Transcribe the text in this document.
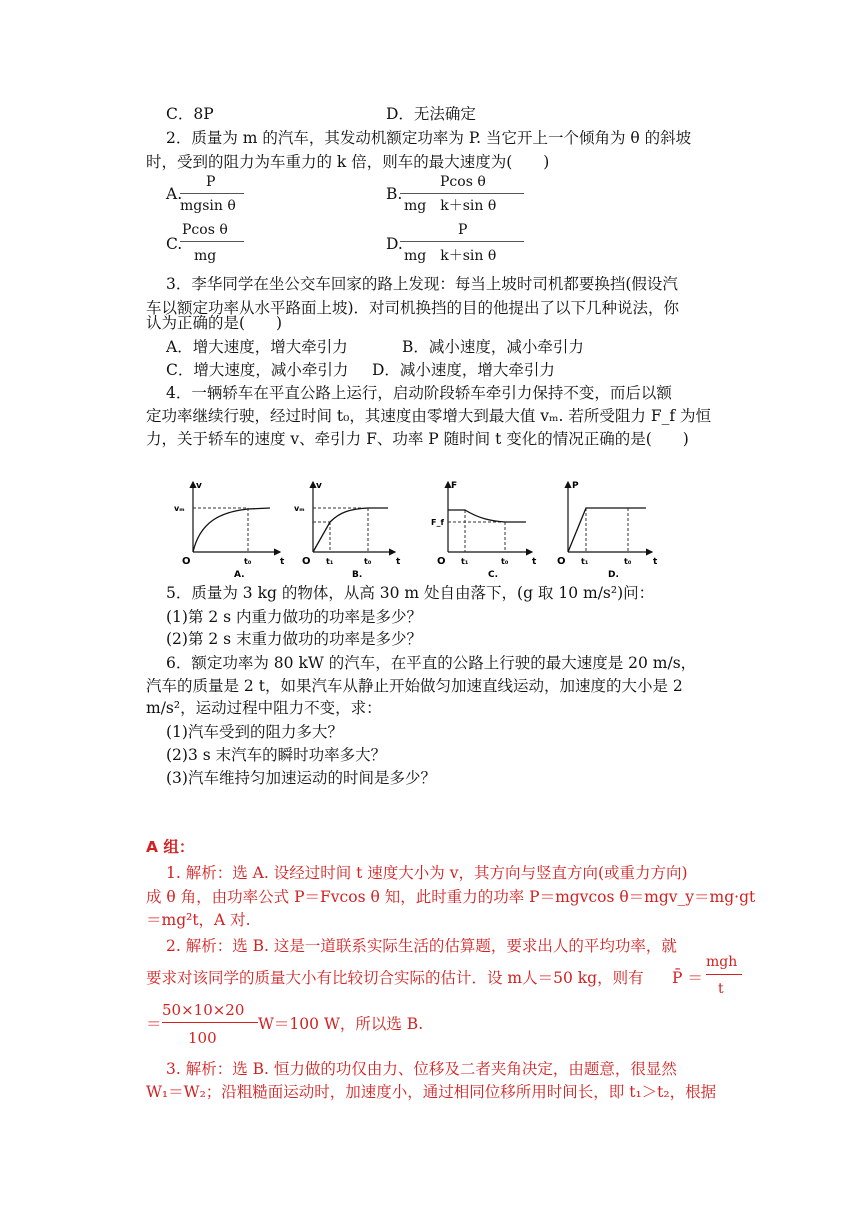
C．8P	D．无法确定
2．质量为 m 的汽车，其发动机额定功率为 P. 当它开上一个倾角为 θ 的斜坡
时，受到的阻力为车重力的 k 倍，则车的最大速度为(　　)
A.
P
mgsin θ
B.
Pcos θ
mg　k＋sin θ
C.
Pcos θ
mg
D.
P
mg　k＋sin θ
3．李华同学在坐公交车回家的路上发现：每当上坡时司机都要换挡(假设汽
车以额定功率从水平路面上坡)．对司机换挡的目的他提出了以下几种说法，你
认为正确的是(　　)
A．增大速度，增大牵引力	B．减小速度，减小牵引力
C．增大速度，减小牵引力 D．减小速度，增大牵引力
4．一辆轿车在平直公路上运行，启动阶段轿车牵引力保持不变，而后以额
定功率继续行驶，经过时间 t₀，其速度由零增大到最大值 vₘ. 若所受阻力 F_f 为恒
力，关于轿车的速度 v、牵引力 F、功率 P 随时间 t 变化的情况正确的是(　　)
v
vₘ
O	t₀	t
A.
v
vₘ
O t₁	t₀	t
B.
F
F_f
O t₁	t₀	t
C.
P
O t₁	t₀ t
D.
5．质量为 3 kg 的物体，从高 30 m 处自由落下，(g 取 10 m/s²)问：
(1)第 2 s 内重力做功的功率是多少？
(2)第 2 s 末重力做功的功率是多少？
6．额定功率为 80 kW 的汽车，在平直的公路上行驶的最大速度是 20 m/s，
汽车的质量是 2 t，如果汽车从静止开始做匀加速直线运动，加速度的大小是 2
m/s²，运动过程中阻力不变，求：
(1)汽车受到的阻力多大？
(2)3 s 末汽车的瞬时功率多大？
(3)汽车维持匀加速运动的时间是多少？
A 组：
1. 解析：选 A. 设经过时间 t 速度大小为 v，其方向与竖直方向(或重力方向)
成 θ 角，由功率公式 P＝Fvcos θ 知，此时重力的功率 P＝mgvcos θ＝mgv_y＝mg·gt
＝mg²t，A 对.
2. 解析：选 B. 这是一道联系实际生活的估算题，要求出人的平均功率，就
要求对该同学的质量大小有比较切合实际的估计．设 m人＝50 kg，则有 P̄ ＝
mgh
t
＝
50×10×20
100
W＝100 W，所以选 B.
3. 解析：选 B. 恒力做的功仅由力、位移及二者夹角决定，由题意，很显然
W₁＝W₂；沿粗糙面运动时，加速度小，通过相同位移所用时间长，即 t₁＞t₂，根据
